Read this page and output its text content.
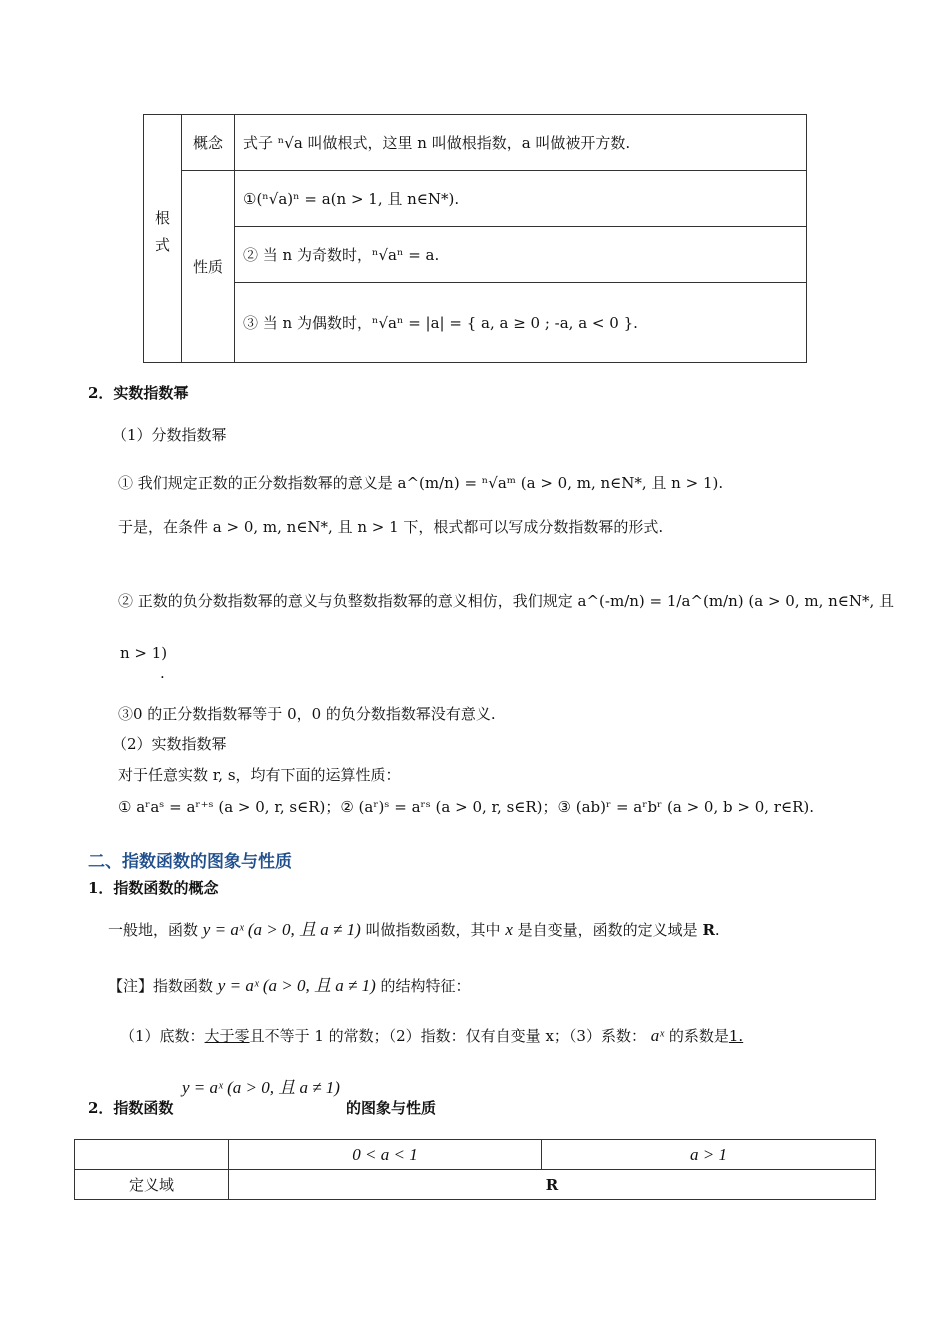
根式	概念	式子 ⁿ√a 叫做根式，这里 n 叫做根指数，a 叫做被开方数.
	性质	①(ⁿ√a)ⁿ = a(n > 1, 且 n∈N*).
		② 当 n 为奇数时，ⁿ√aⁿ = a.
		③ 当 n 为偶数时，ⁿ√aⁿ = |a| = { a, a ≥ 0 ; -a, a < 0 }.
2．实数指数幂
（1）分数指数幂
① 我们规定正数的正分数指数幂的意义是 a^(m/n) = ⁿ√aᵐ (a > 0, m, n∈N*, 且 n > 1).
于是，在条件 a > 0, m, n∈N*, 且 n > 1 下，根式都可以写成分数指数幂的形式.
② 正数的负分数指数幂的意义与负整数指数幂的意义相仿，我们规定 a^(-m/n) = 1/a^(m/n) (a > 0, m, n∈N*, 且
n > 1)
.
③0 的正分数指数幂等于 0，0 的负分数指数幂没有意义.
（2）实数指数幂
对于任意实数 r, s，均有下面的运算性质：
① aʳaˢ = aʳ⁺ˢ (a > 0, r, s∈R)；② (aʳ)ˢ = aʳˢ (a > 0, r, s∈R)；③ (ab)ʳ = aʳbʳ (a > 0, b > 0, r∈R).
二、指数函数的图象与性质
1．指数函数的概念
一般地，函数 y = aˣ (a > 0, 且 a ≠ 1) 叫做指数函数，其中 x 是自变量，函数的定义域是 R.
【注】指数函数 y = aˣ (a > 0, 且 a ≠ 1) 的结构特征：
（1）底数：大于零且不等于 1 的常数；（2）指数：仅有自变量 x；（3）系数： aˣ 的系数是1.
y = aˣ (a > 0, 且 a ≠ 1)
2．指数函数	的图象与性质
	0 < a < 1	a > 1
定义域	R	
